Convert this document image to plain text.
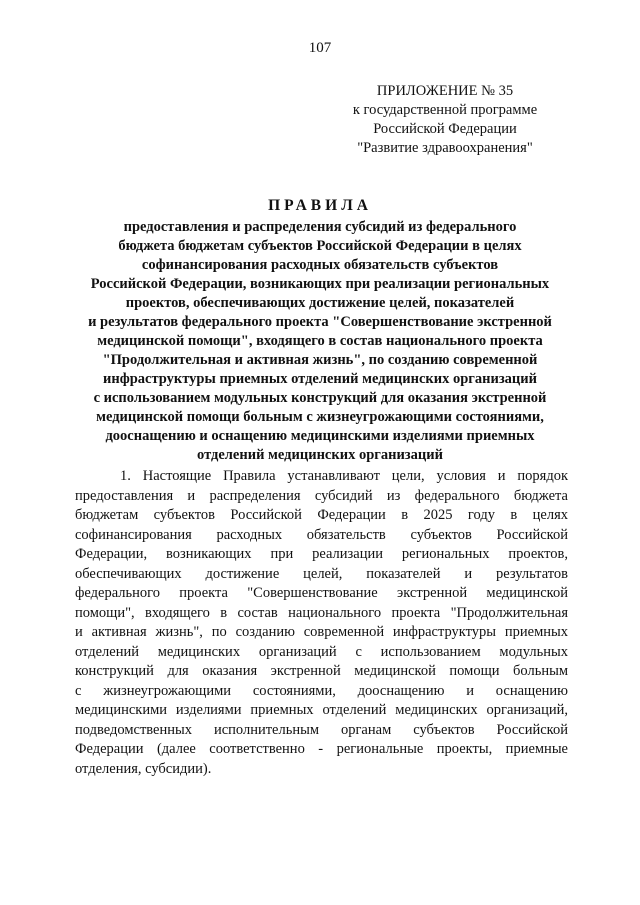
107
ПРИЛОЖЕНИЕ № 35
к государственной программе
Российской Федерации
"Развитие здравоохранения"
ПРАВИЛА
предоставления и распределения субсидий из федерального
бюджета бюджетам субъектов Российской Федерации в целях
софинансирования расходных обязательств субъектов
Российской Федерации, возникающих при реализации региональных
проектов, обеспечивающих достижение целей, показателей
и результатов федерального проекта "Совершенствование экстренной
медицинской помощи", входящего в состав национального проекта
"Продолжительная и активная жизнь", по созданию современной
инфраструктуры приемных отделений медицинских организаций
с использованием модульных конструкций для оказания экстренной
медицинской помощи больным с жизнеугрожающими состояниями,
дооснащению и оснащению медицинскими изделиями приемных
отделений медицинских организаций
1. Настоящие Правила устанавливают цели, условия и порядок
предоставления и распределения субсидий из федерального бюджета
бюджетам субъектов Российской Федерации в 2025 году в целях
софинансирования расходных обязательств субъектов Российской
Федерации, возникающих при реализации региональных проектов,
обеспечивающих достижение целей, показателей и результатов
федерального проекта "Совершенствование экстренной медицинской
помощи", входящего в состав национального проекта "Продолжительная
и активная жизнь", по созданию современной инфраструктуры приемных
отделений медицинских организаций с использованием модульных
конструкций для оказания экстренной медицинской помощи больным
с жизнеугрожающими состояниями, дооснащению и оснащению
медицинскими изделиями приемных отделений медицинских организаций,
подведомственных исполнительным органам субъектов Российской
Федерации (далее соответственно - региональные проекты, приемные
отделения, субсидии).
